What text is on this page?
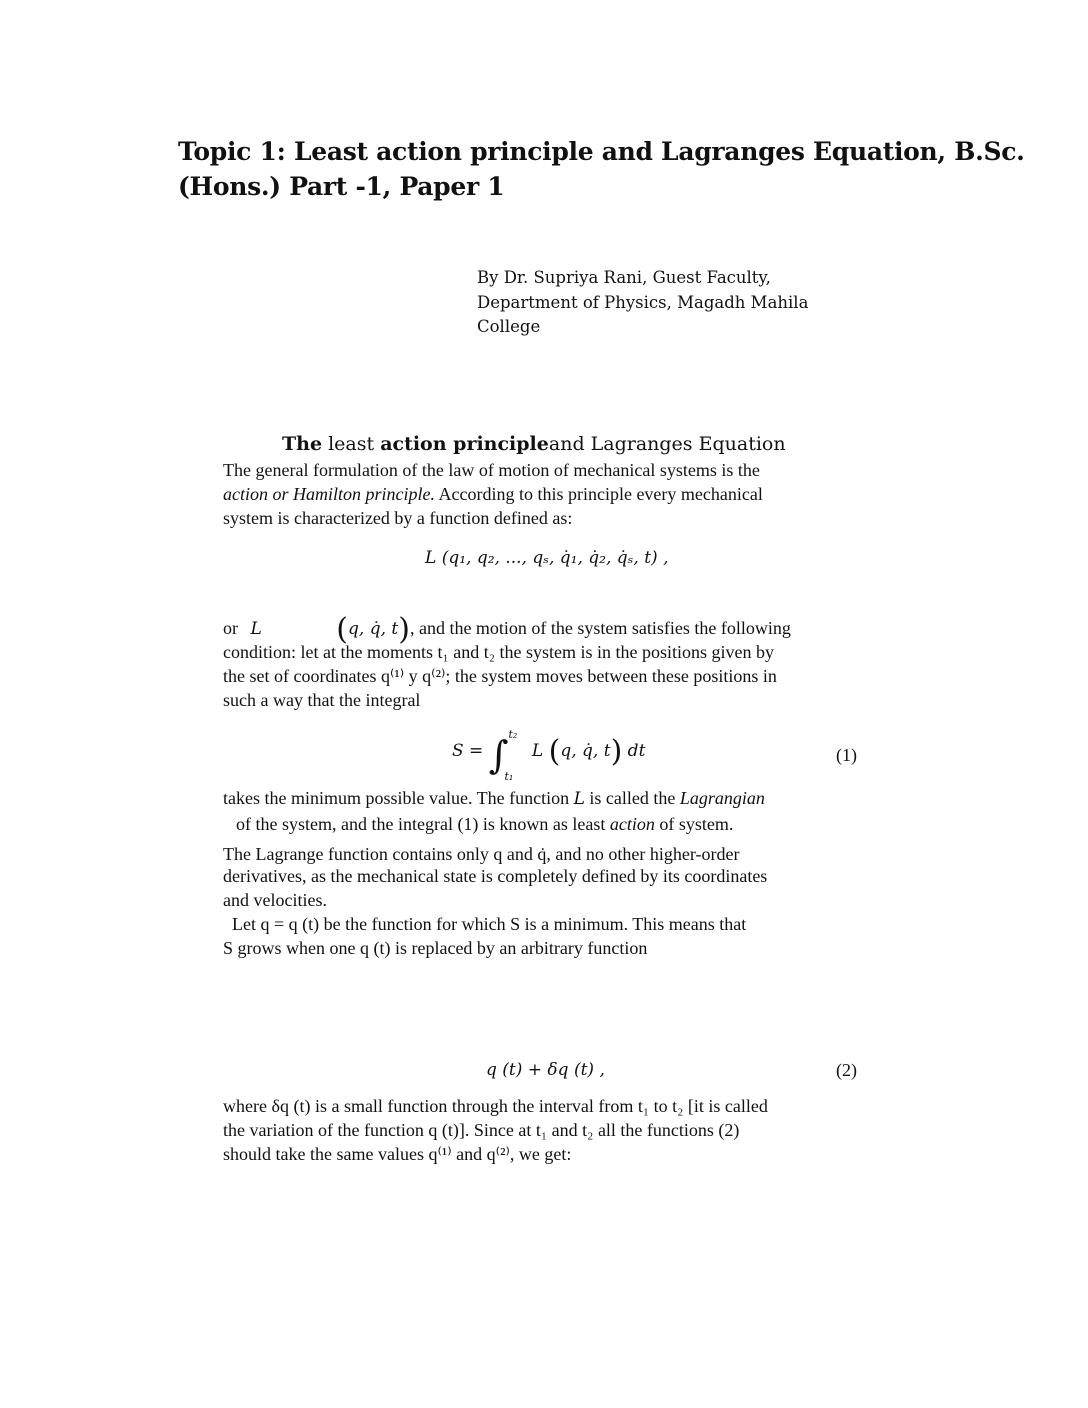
Topic 1: Least action principle and Lagranges Equation, B.Sc. (Hons.) Part -1, Paper 1
By Dr. Supriya Rani, Guest Faculty,
Department of Physics, Magadh Mahila
College
The least action principleand Lagranges Equation
The general formulation of the law of motion of mechanical systems is the
action or Hamilton principle. According to this principle every mechanical
system is characterized by a function defined as:
L (q₁, q₂, ..., qₛ, q̇₁, q̇₂, q̇ₛ, t) ,
or L (q, q̇, t), and the motion of the system satisfies the following
condition: let at the moments t₁ and t₂ the system is in the positions given by
the set of coordinates q⁽¹⁾ y q⁽²⁾; the system moves between these positions in
such a way that the integral
S = ∫ t₂
t₁
L (q, q̇, t) dt	(1)
takes the minimum possible value. The function L is called the Lagrangian
of the system, and the integral (1) is known as least action of system.
The Lagrange function contains only q and q̇, and no other higher-order
derivatives, as the mechanical state is completely defined by its coordinates
and velocities.
Let q = q (t) be the function for which S is a minimum. This means that
S grows when one q (t) is replaced by an arbitrary function
q (t) + δq (t) ,	(2)
where δq (t) is a small function through the interval from t₁ to t₂ [it is called
the variation of the function q (t)]. Since at t₁ and t₂ all the functions (2)
should take the same values q⁽¹⁾ and q⁽²⁾, we get:
